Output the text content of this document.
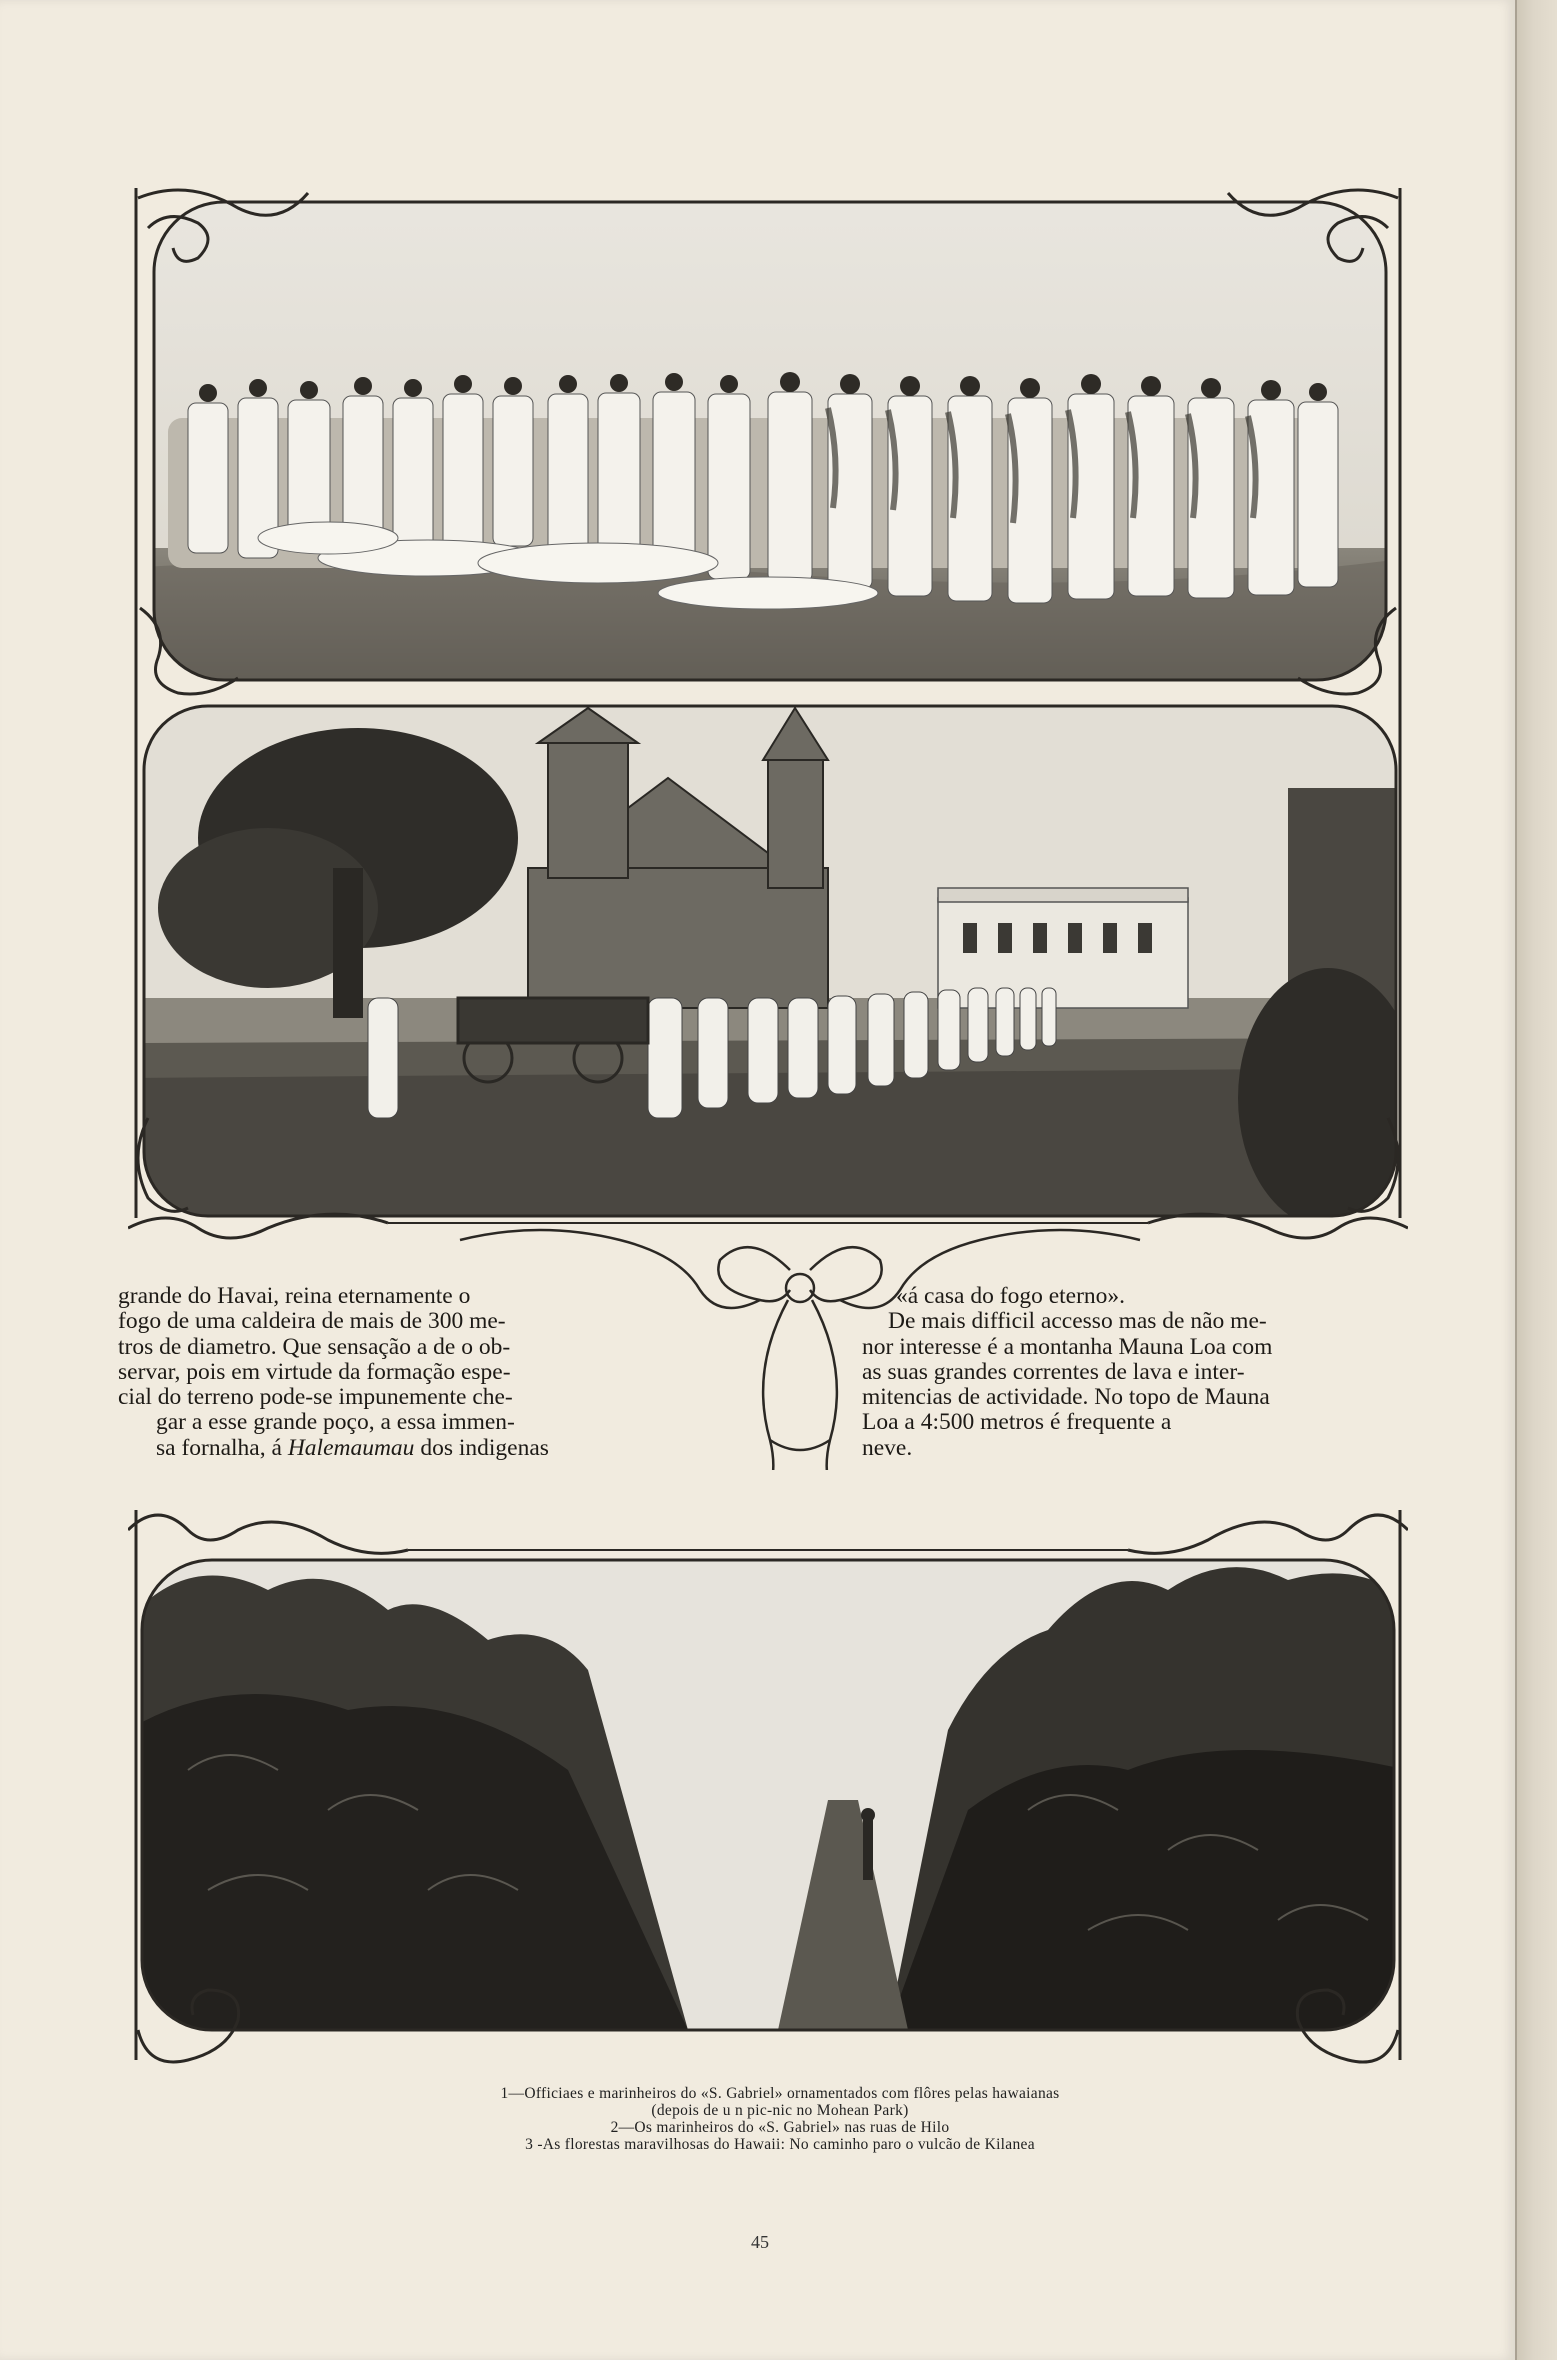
grande do Havai, reina eternamente o

fogo de uma caldeira de mais de 300 me-

tros de diametro. Que sensação a de o ob-

servar, pois em virtude da formação espe-

cial do terreno pode-se impunemente che-

gar a esse grande poço, a essa immen-

sa fornalha, á Halemaumau dos indigenas

«á casa do fogo eterno».

De mais difficil accesso mas de não me-

nor interesse é a montanha Mauna Loa com

as suas grandes correntes de lava e inter-

mitencias de actividade. No topo de Mauna

Loa a 4:500 metros é frequente a

neve.

1—Officiaes e marinheiros do «S. Gabriel» ornamentados com flôres pelas hawaianas
(depois de u n pic-nic no Mohean Park)
2—Os marinheiros do «S. Gabriel» nas ruas de Hilo
3 -As florestas maravilhosas do Hawaii: No caminho paro o vulcão de Kilanea
45
